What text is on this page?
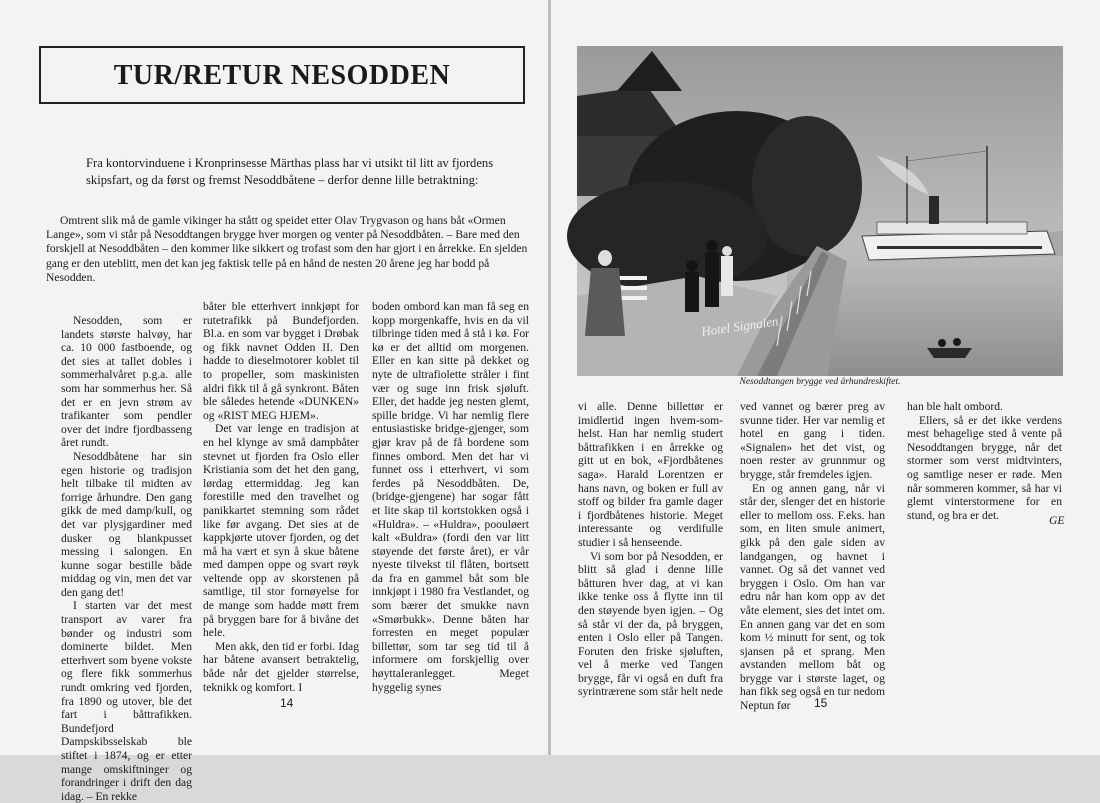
TUR/RETUR NESODDEN

Fra kontorvinduene i Kronprinsesse Märthas plass har vi utsikt til litt av fjordens skipsfart, og da først og fremst Nesoddbåtene – derfor denne lille betraktning:

Omtrent slik må de gamle vikinger ha stått og speidet etter Olav Trygvason og hans båt «Ormen Lange», som vi står på Nesoddtangen brygge hver morgen og venter på Nesoddbåten. – Bare med den forskjell at Nesoddbåten – den kommer like sikkert og trofast som den har gjort i en årrekke. En sjelden gang er den uteblitt, men det kan jeg faktisk telle på en hånd de nesten 20 årene jeg har bodd på Nesodden.

Nesodden, som er landets største halvøy, har ca. 10 000 fastboende, og det sies at tallet dobles i sommerhalvåret p.g.a. alle som har sommerhus her. Så det er en jevn strøm av trafikanter som pendler over det indre fjordbasseng året rundt.

Nesoddbåtene har sin egen historie og tradisjon helt tilbake til midten av forrige århundre. Den gang gikk de med damp/kull, og det var plysjgardiner med dusker og blankpusset messing i salongen. En kunne sogar bestille både middag og vin, men det var den gang det!

I starten var det mest transport av varer fra bønder og industri som dominerte bildet. Men etterhvert som byene vokste og flere fikk sommerhus rundt omkring ved fjorden, fra 1890 og utover, ble det fart i båttrafikken. Bundefjord Dampskibsselskab ble stiftet i 1874, og er etter mange omskiftninger og forandringer i drift den dag idag. – En rekke

båter ble etterhvert innkjøpt for rutetrafikk på Bundefjorden. Bl.a. en som var bygget i Drøbak og fikk navnet Odden II. Den hadde to dieselmotorer koblet til to propeller, som maskinisten aldri fikk til å gå synkront. Båten ble således hetende «DUNKEN» og «RIST MEG HJEM».

Det var lenge en tradisjon at en hel klynge av små dampbåter stevnet ut fjorden fra Oslo eller Kristiania som det het den gang, lørdag ettermiddag. Jeg kan forestille med den travelhet og panikkartet stemning som rådet like før avgang. Det sies at de kappkjørte utover fjorden, og det må ha vært et syn å skue båtene med dampen oppe og svart røyk veltende opp av skorstenen på samtlige, til stor fornøyelse for de mange som hadde møtt frem på bryggen bare for å bivåne det hele.

Men akk, den tid er forbi. Idag har båtene avansert betraktelig, både når det gjelder størrelse, teknikk og komfort. I

boden ombord kan man få seg en kopp morgenkaffe, hvis en da vil tilbringe tiden med å stå i kø. For kø er det alltid om morgenen. Eller en kan sitte på dekket og nyte de ultrafiolette stråler i fint vær og suge inn frisk sjøluft. Eller, det hadde jeg nesten glemt, spille bridge. Vi har nemlig flere entusiastiske bridge-gjenger, som gjør krav på de få bordene som finnes ombord. Men det har vi funnet oss i etterhvert, vi som ferdes på Nesoddbåten. De, (bridge-gjengene) har sogar fått et lite skap til kortstokken også i «Huldra». – «Huldra», poouløert kalt «Buldra» (fordi den var litt støyende det første året), er vår nyeste tilvekst til flåten, bortsett da fra en gammel båt som ble innkjøpt i 1980 fra Vestlandet, og som bærer det smukke navn «Smørbukk». Denne båten har forresten en meget populær billettør, som tar seg tid til å informere om forskjellig over høyttaleranlegget. Meget hyggelig synes

14
Hotel Signalen
Nesoddtangen brygge ved århundreskiftet.

vi alle. Denne billettør er imidlertid ingen hvem-som-helst. Han har nemlig studert båttrafikken i en årrekke og gitt ut en bok, «Fjordbåtenes saga». Harald Lorentzen er hans navn, og boken er full av stoff og bilder fra gamle dager i fjordbåtenes historie. Meget interessante og verdifulle studier i så henseende.

Vi som bor på Nesodden, er blitt så glad i denne lille båtturen hver dag, at vi kan ikke tenke oss å flytte inn til den støyende byen igjen. – Og så står vi der da, på bryggen, enten i Oslo eller på Tangen. Foruten den friske sjøluften, vel å merke ved Tangen brygge, får vi også en duft fra syrintrærene som står helt nede

ved vannet og bærer preg av svunne tider. Her var nemlig et hotel en gang i tiden. «Signalen» het det vist, og noen rester av grunnmur og brygge, står fremdeles igjen.

En og annen gang, når vi står der, slenger det en historie eller to mellom oss. F.eks. han som, en liten smule animert, gikk på den gale siden av landgangen, og havnet i vannet. Og så det vannet ved bryggen i Oslo. Om han var edru når han kom opp av det våte element, sies det intet om. En annen gang var det en som kom ½ minutt for sent, og tok sjansen på et sprang. Men avstanden mellom båt og brygge var i største laget, og han fikk seg også en tur nedom Neptun før

han ble halt ombord.

Ellers, så er det ikke verdens mest behagelige sted å vente på Nesoddtangen brygge, når det stormer som verst midtvinters, og samtlige neser er røde. Men når sommeren kommer, så har vi glemt vinterstormene for en stund, og bra er det.	GE
15
